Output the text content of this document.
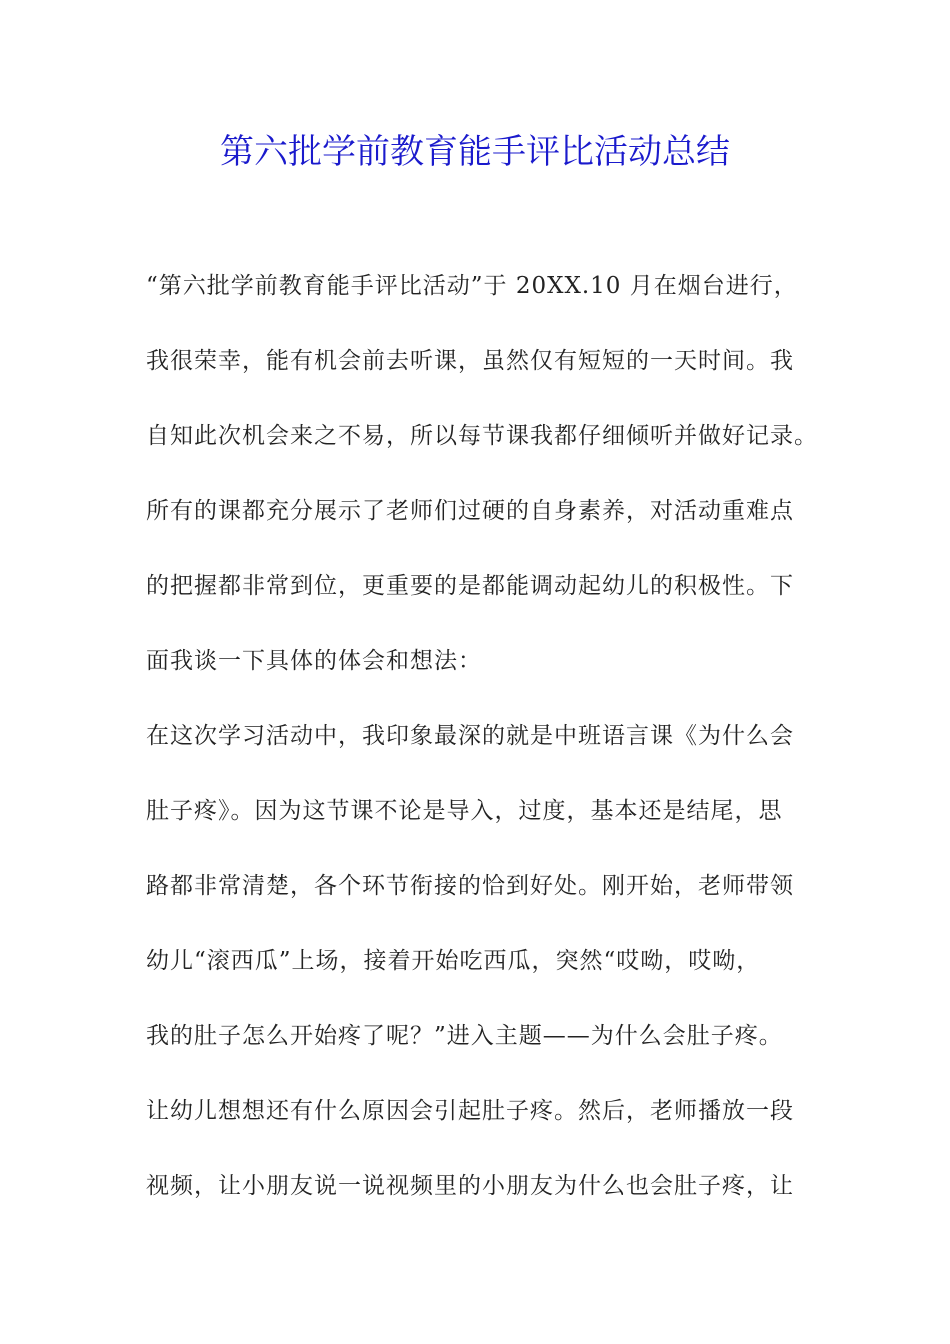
第六批学前教育能手评比活动总结
“第六批学前教育能手评比活动”于 20XX.10 月在烟台进行，
我很荣幸，能有机会前去听课，虽然仅有短短的一天时间。我
自知此次机会来之不易，所以每节课我都仔细倾听并做好记录。
所有的课都充分展示了老师们过硬的自身素养，对活动重难点
的把握都非常到位，更重要的是都能调动起幼儿的积极性。下
面我谈一下具体的体会和想法：
在这次学习活动中，我印象最深的就是中班语言课《为什么会
肚子疼》。因为这节课不论是导入，过度，基本还是结尾，思
路都非常清楚，各个环节衔接的恰到好处。刚开始，老师带领
幼儿“滚西瓜”上场，接着开始吃西瓜，突然“哎呦，哎呦，
我的肚子怎么开始疼了呢？”进入主题——为什么会肚子疼。
让幼儿想想还有什么原因会引起肚子疼。然后，老师播放一段
视频，让小朋友说一说视频里的小朋友为什么也会肚子疼，让
